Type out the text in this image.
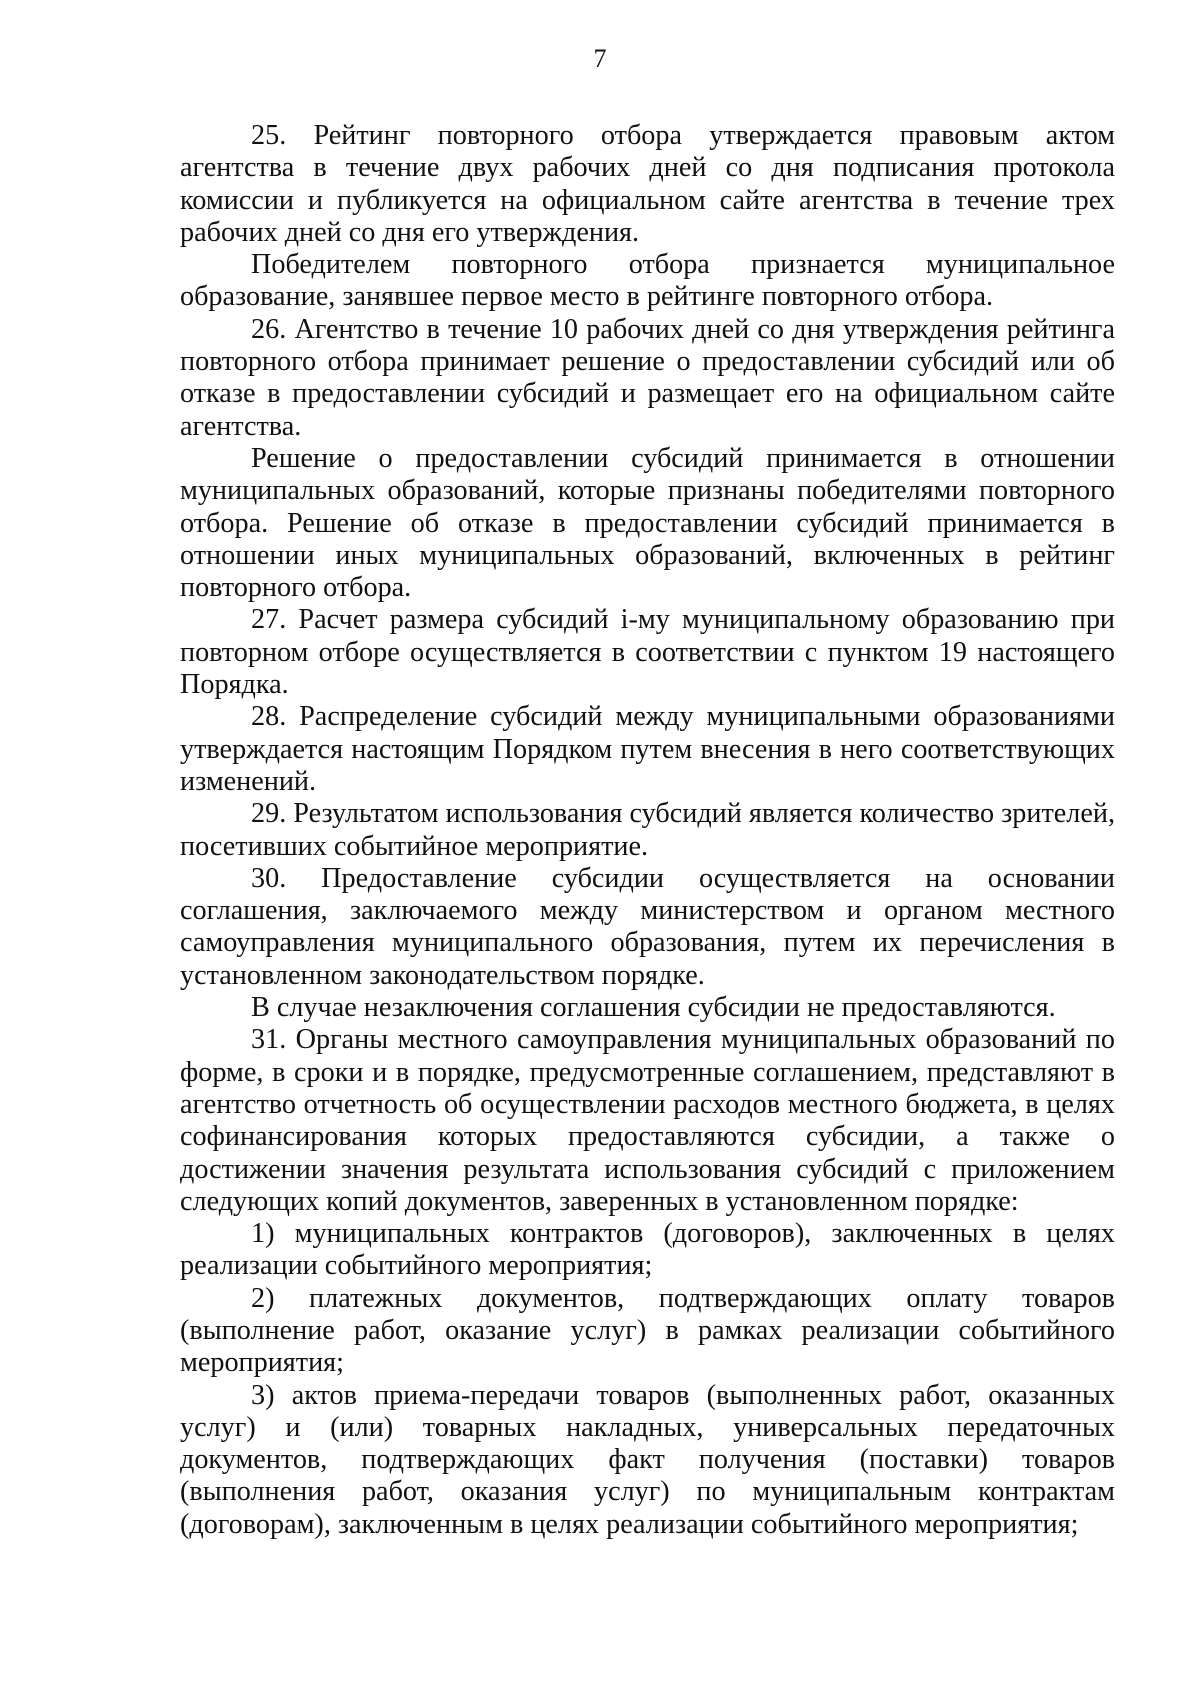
7

25. Рейтинг повторного отбора утверждается правовым актом агентства в течение двух рабочих дней со дня подписания протокола комиссии и публикуется на официальном сайте агентства в течение трех рабочих дней со дня его утверждения.

Победителем повторного отбора признается муниципальное образование, занявшее первое место в рейтинге повторного отбора.

26. Агентство в течение 10 рабочих дней со дня утверждения рейтинга повторного отбора принимает решение о предоставлении субсидий или об отказе в предоставлении субсидий и размещает его на официальном сайте агентства.

Решение о предоставлении субсидий принимается в отношении муниципальных образований, которые признаны победителями повторного отбора. Решение об отказе в предоставлении субсидий принимается в отношении иных муниципальных образований, включенных в рейтинг повторного отбора.

27. Расчет размера субсидий i-му муниципальному образованию при повторном отборе осуществляется в соответствии с пунктом 19 настоящего Порядка.

28. Распределение субсидий между муниципальными образованиями утверждается настоящим Порядком путем внесения в него соответствующих изменений.

29. Результатом использования субсидий является количество зрителей, посетивших событийное мероприятие.

30. Предоставление субсидии осуществляется на основании соглашения, заключаемого между министерством и органом местного самоуправления муниципального образования, путем их перечисления в установленном законодательством порядке.

В случае незаключения соглашения субсидии не предоставляются.

31. Органы местного самоуправления муниципальных образований по форме, в сроки и в порядке, предусмотренные соглашением, представляют в агентство отчетность об осуществлении расходов местного бюджета, в целях софинансирования которых предоставляются субсидии, а также о достижении значения результата использования субсидий с приложением следующих копий документов, заверенных в установленном порядке:

1) муниципальных контрактов (договоров), заключенных в целях реализации событийного мероприятия;

2) платежных документов, подтверждающих оплату товаров (выполнение работ, оказание услуг) в рамках реализации событийного мероприятия;

3) актов приема-передачи товаров (выполненных работ, оказанных услуг) и (или) товарных накладных, универсальных передаточных документов, подтверждающих факт получения (поставки) товаров (выполнения работ, оказания услуг) по муниципальным контрактам (договорам), заключенным в целях реализации событийного мероприятия;
